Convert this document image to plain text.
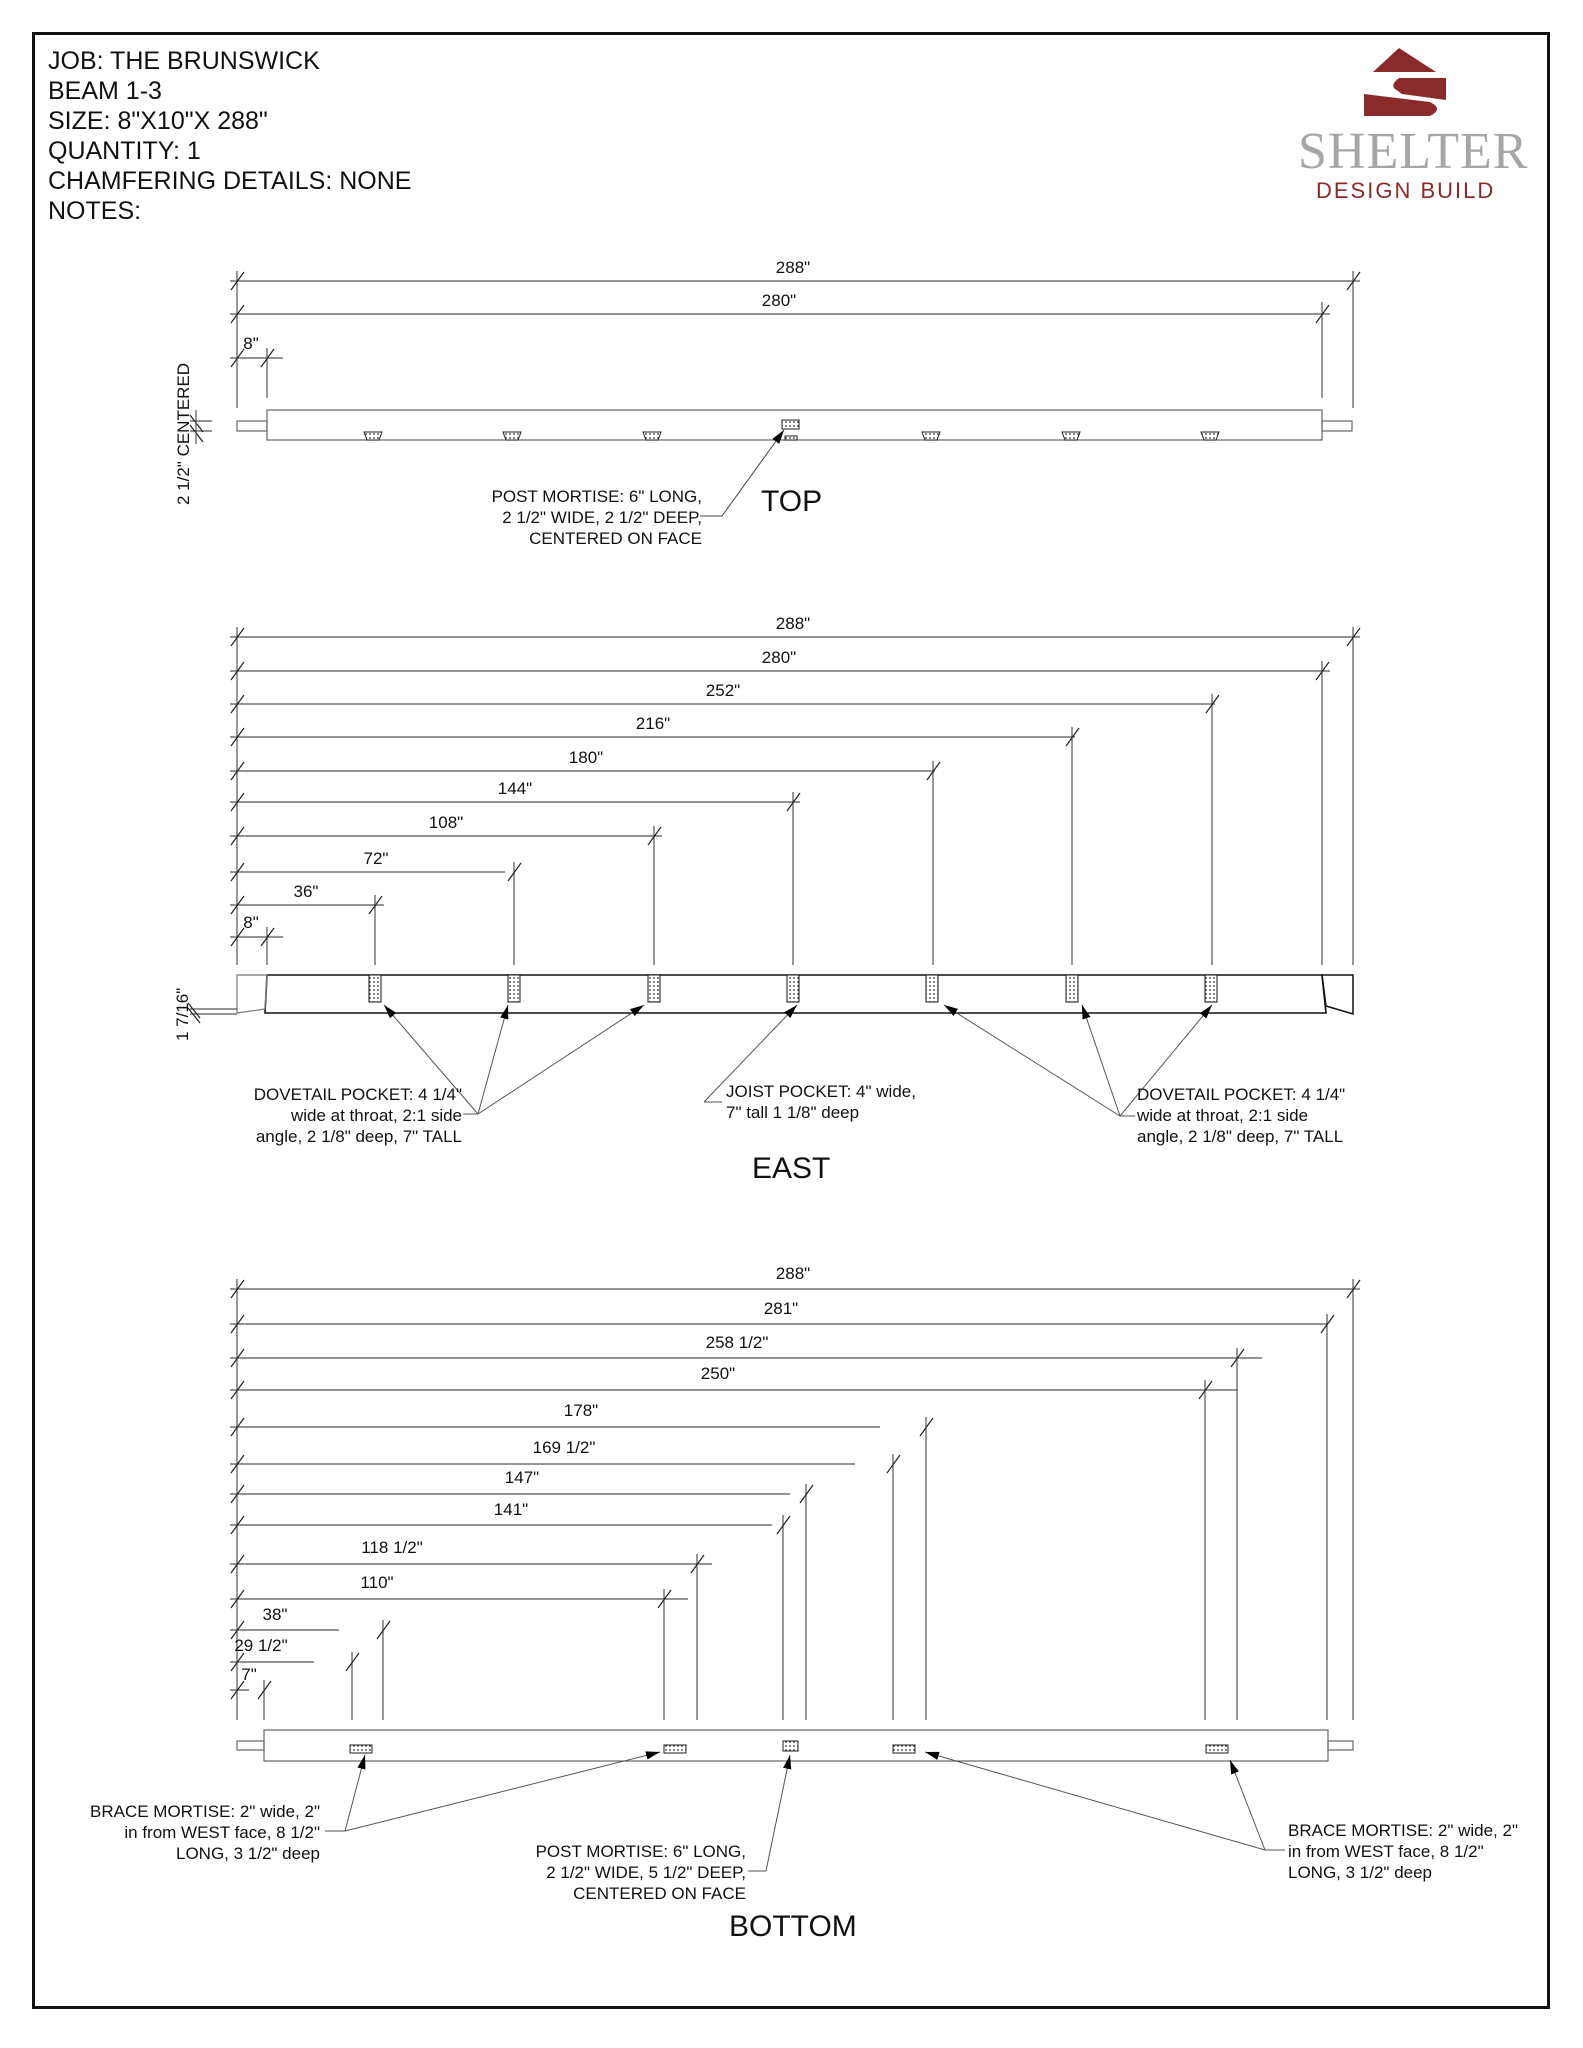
JOB: THE BRUNSWICK
BEAM 1-3
SIZE: 8"X10"X 288"
QUANTITY: 1
CHAMFERING DETAILS: NONE
NOTES:
SHELTER
DESIGN BUILD
288"
280"
8"
2 1/2" CENTERED	POST MORTISE: 6" LONG,
2 1/2" WIDE, 2 1/2" DEEP,
CENTERED ON FACE
TOP
288"
280"
252"
216"
180"
144"
108"
72"
36"
8"
1 7/16"
DOVETAIL POCKET: 4 1/4"
wide at throat, 2:1 side
angle, 2 1/8" deep, 7" TALL
JOIST POCKET: 4" wide,
7" tall 1 1/8" deep
DOVETAIL POCKET: 4 1/4"
wide at throat, 2:1 side
angle, 2 1/8" deep, 7" TALL
EAST
288"
281"
258 1/2"
250"
178"
169 1/2"
147"
141"
118 1/2"
110"
38"
29 1/2"
7"
BRACE MORTISE: 2" wide, 2"
in from WEST face, 8 1/2"
LONG, 3 1/2" deep	POST MORTISE: 6" LONG,
2 1/2" WIDE, 5 1/2" DEEP,
CENTERED ON FACE
BRACE MORTISE: 2" wide, 2"
in from WEST face, 8 1/2"
LONG, 3 1/2" deep
BOTTOM
